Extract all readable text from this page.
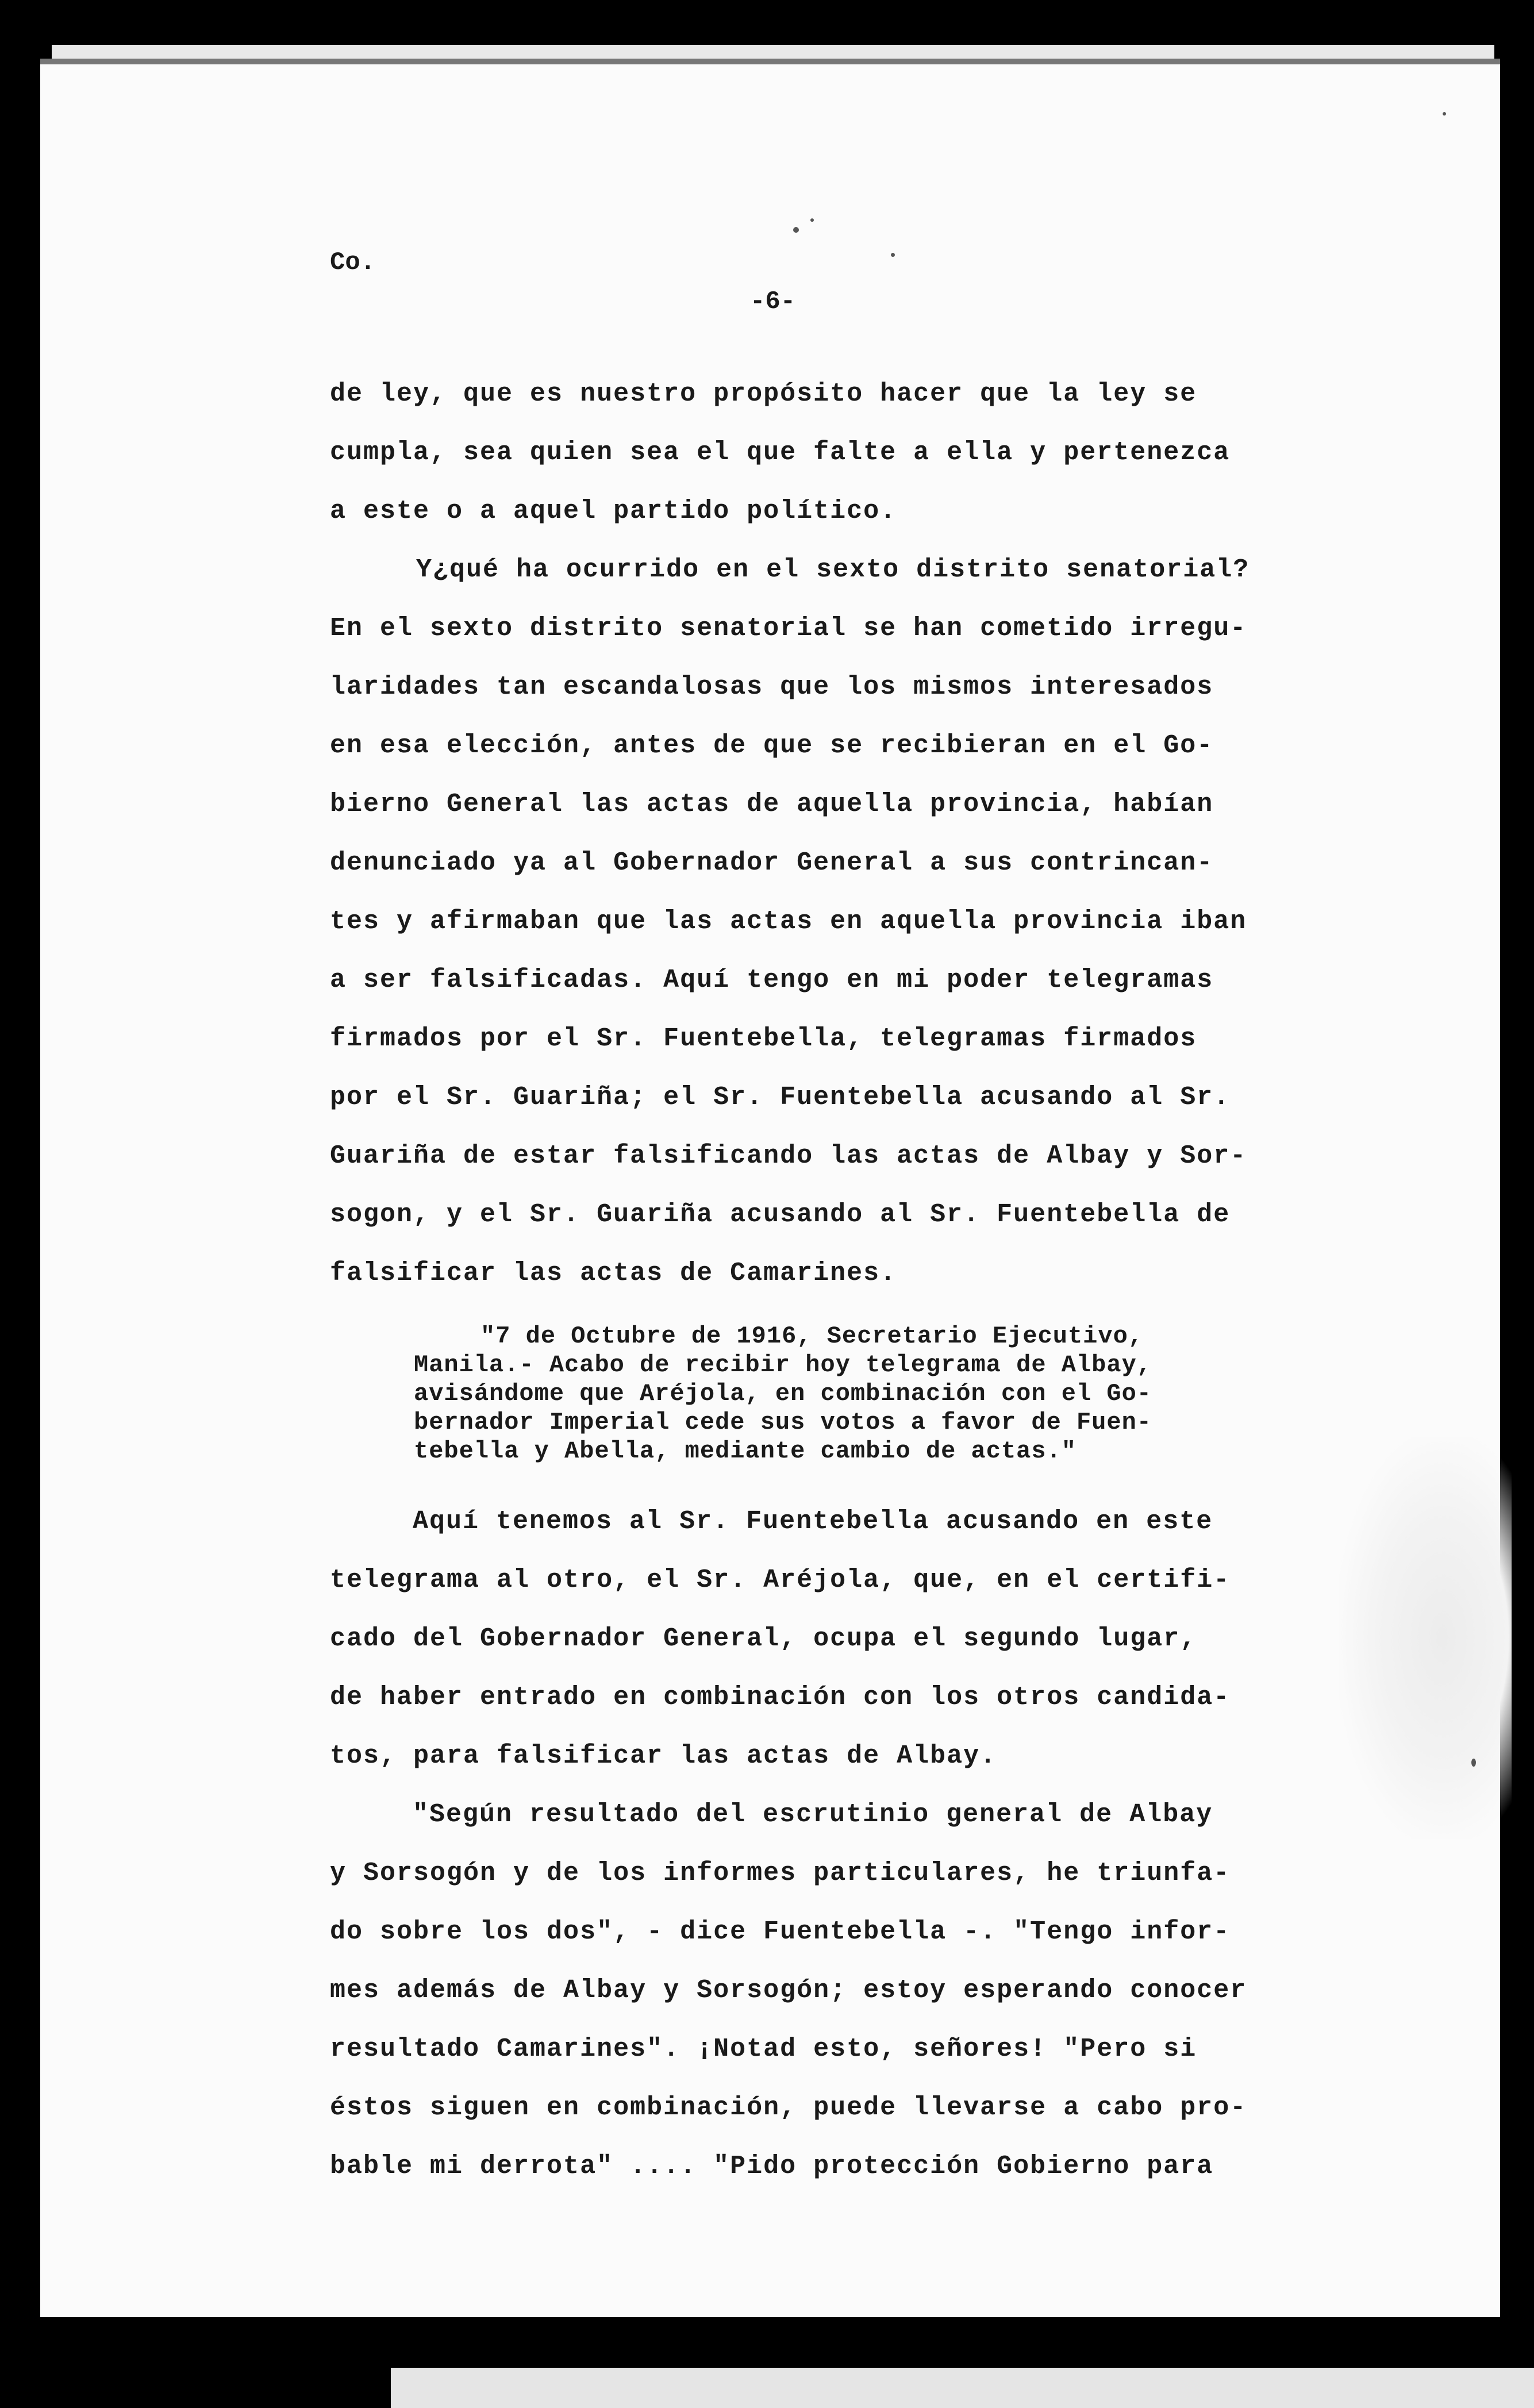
Co.
-6-
de ley, que es nuestro propósito hacer que la ley se
cumpla, sea quien sea el que falte a ella y pertenezca
a este o a aquel partido político.
Y¿qué ha ocurrido en el sexto distrito senatorial?
En el sexto distrito senatorial se han cometido irregu-
laridades tan escandalosas que los mismos interesados
en esa elección, antes de que se recibieran en el Go-
bierno General las actas de aquella provincia, habían
denunciado ya al Gobernador General a sus contrincan-
tes y afirmaban que las actas en aquella provincia iban
a ser falsificadas. Aquí tengo en mi poder telegramas
firmados por el Sr. Fuentebella, telegramas firmados
por el Sr. Guariña; el Sr. Fuentebella acusando al Sr.
Guariña de estar falsificando las actas de Albay y Sor-
sogon, y el Sr. Guariña acusando al Sr. Fuentebella de
falsificar las actas de Camarines.
"7 de Octubre de 1916, Secretario Ejecutivo,
Manila.- Acabo de recibir hoy telegrama de Albay,
avisándome que Aréjola, en combinación con el Go-
bernador Imperial cede sus votos a favor de Fuen-
tebella y Abella, mediante cambio de actas."
Aquí tenemos al Sr. Fuentebella acusando en este
telegrama al otro, el Sr. Aréjola, que, en el certifi-
cado del Gobernador General, ocupa el segundo lugar,
de haber entrado en combinación con los otros candida-
tos, para falsificar las actas de Albay.
"Según resultado del escrutinio general de Albay
y Sorsogón y de los informes particulares, he triunfa-
do sobre los dos", - dice Fuentebella -. "Tengo infor-
mes además de Albay y Sorsogón; estoy esperando conocer
resultado Camarines". ¡Notad esto, señores! "Pero si
éstos siguen en combinación, puede llevarse a cabo pro-
bable mi derrota" .... "Pido protección Gobierno para
